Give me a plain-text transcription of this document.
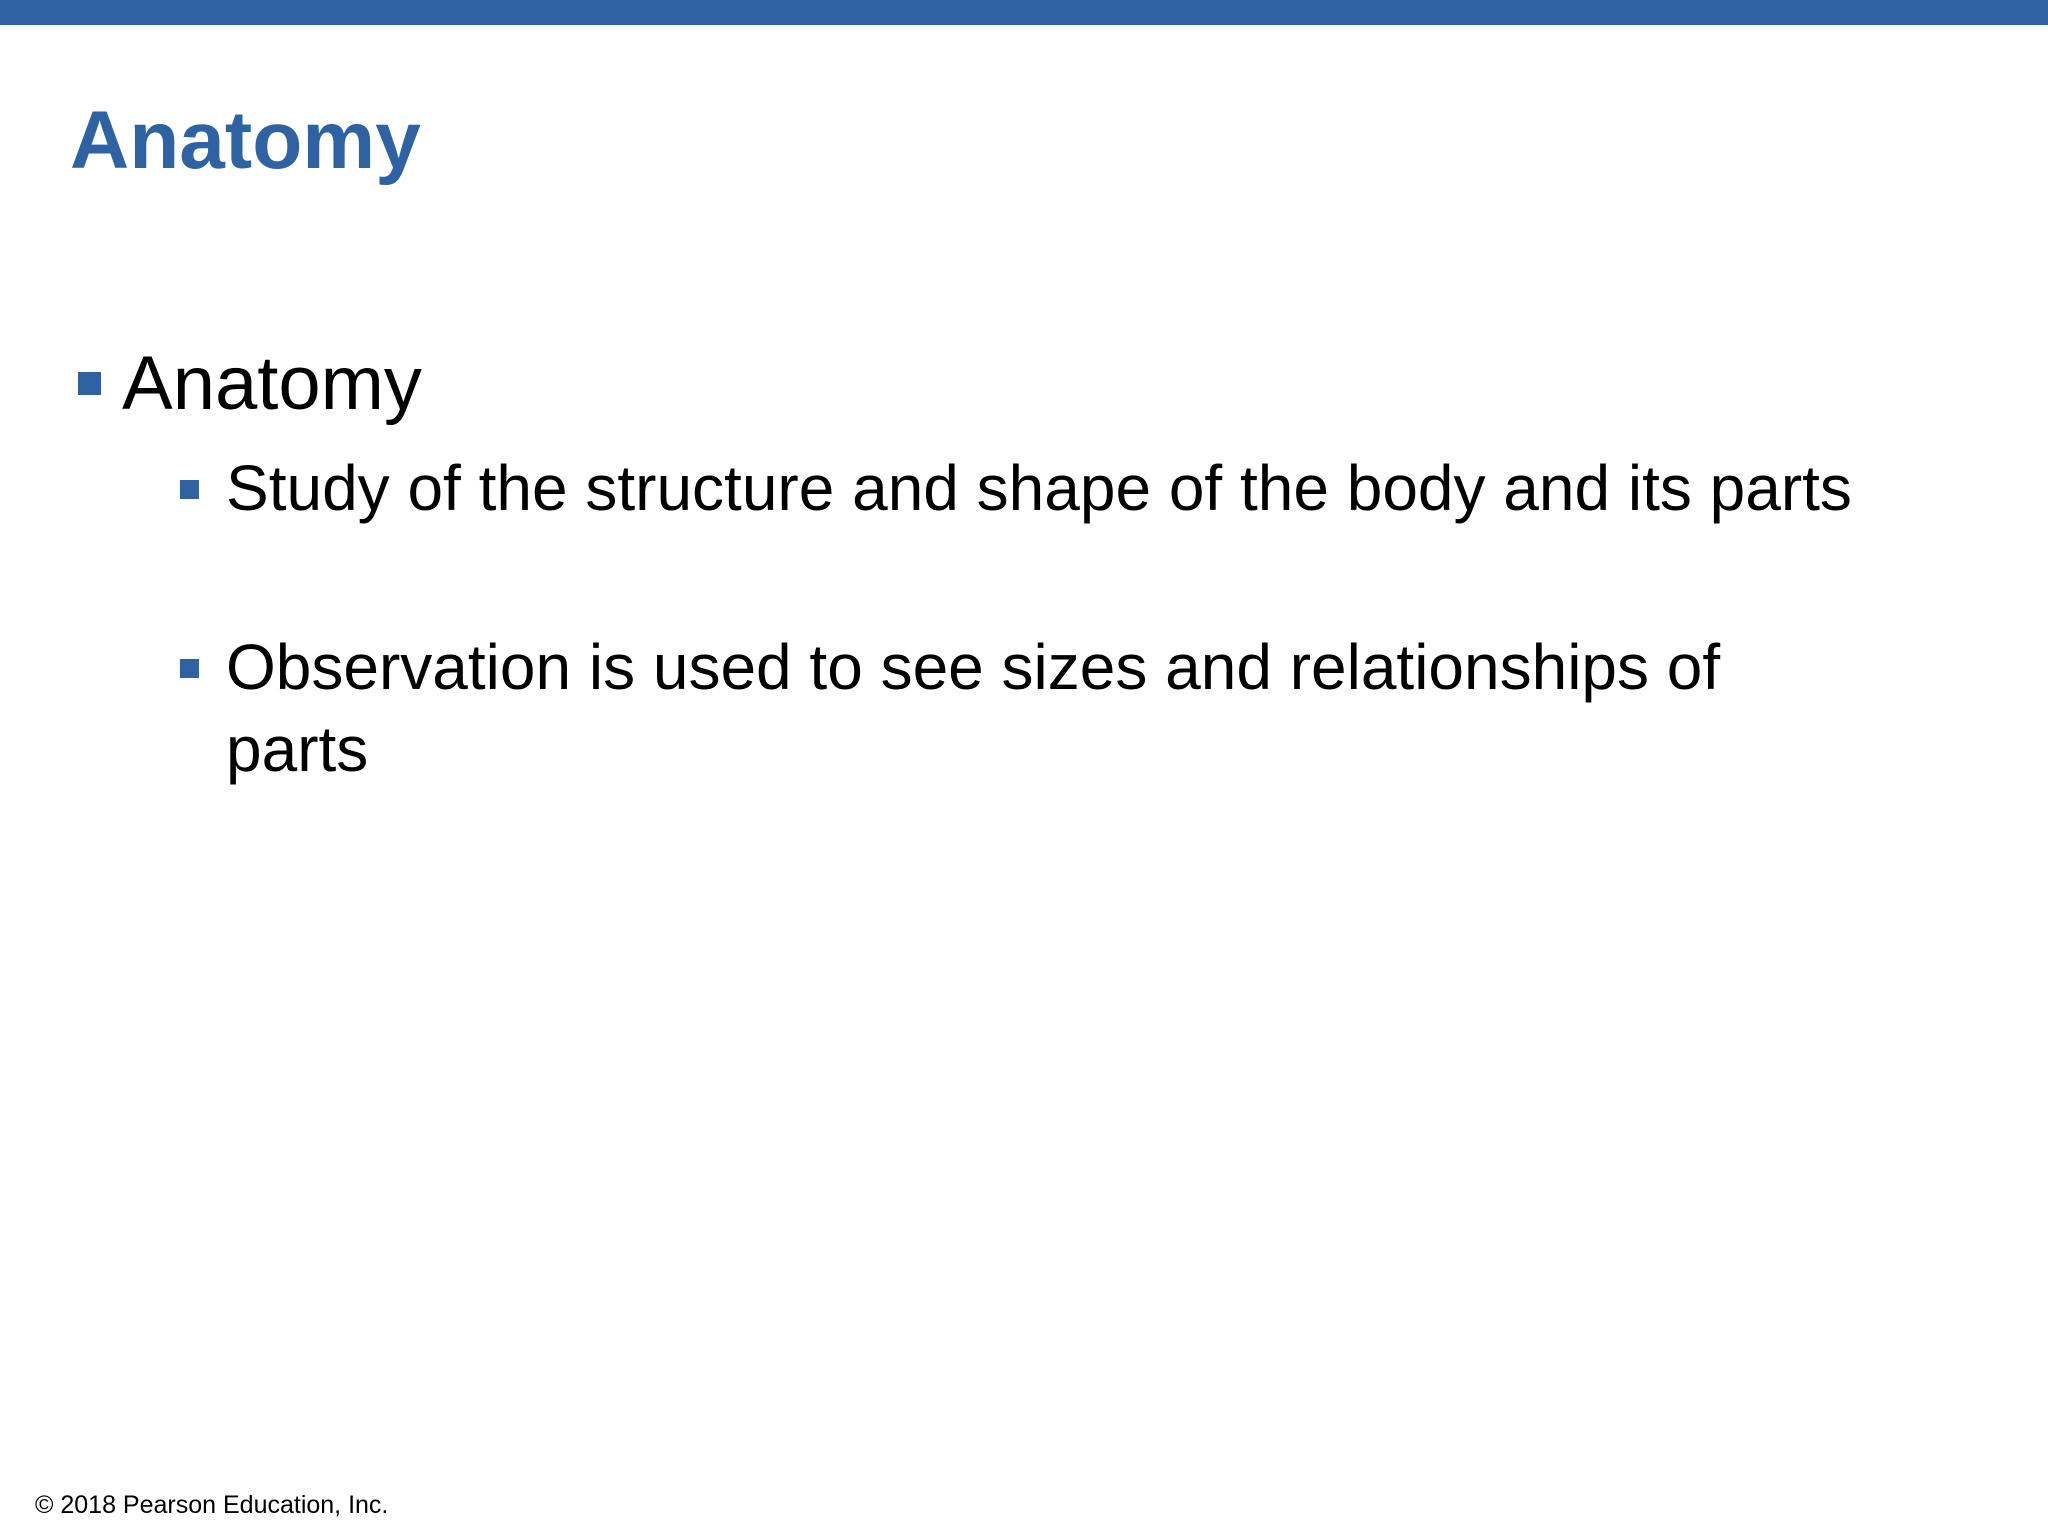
Anatomy
Anatomy
Study of the structure and shape of the body and its parts
Observation is used to see sizes and relationships of parts
© 2018 Pearson Education, Inc.
